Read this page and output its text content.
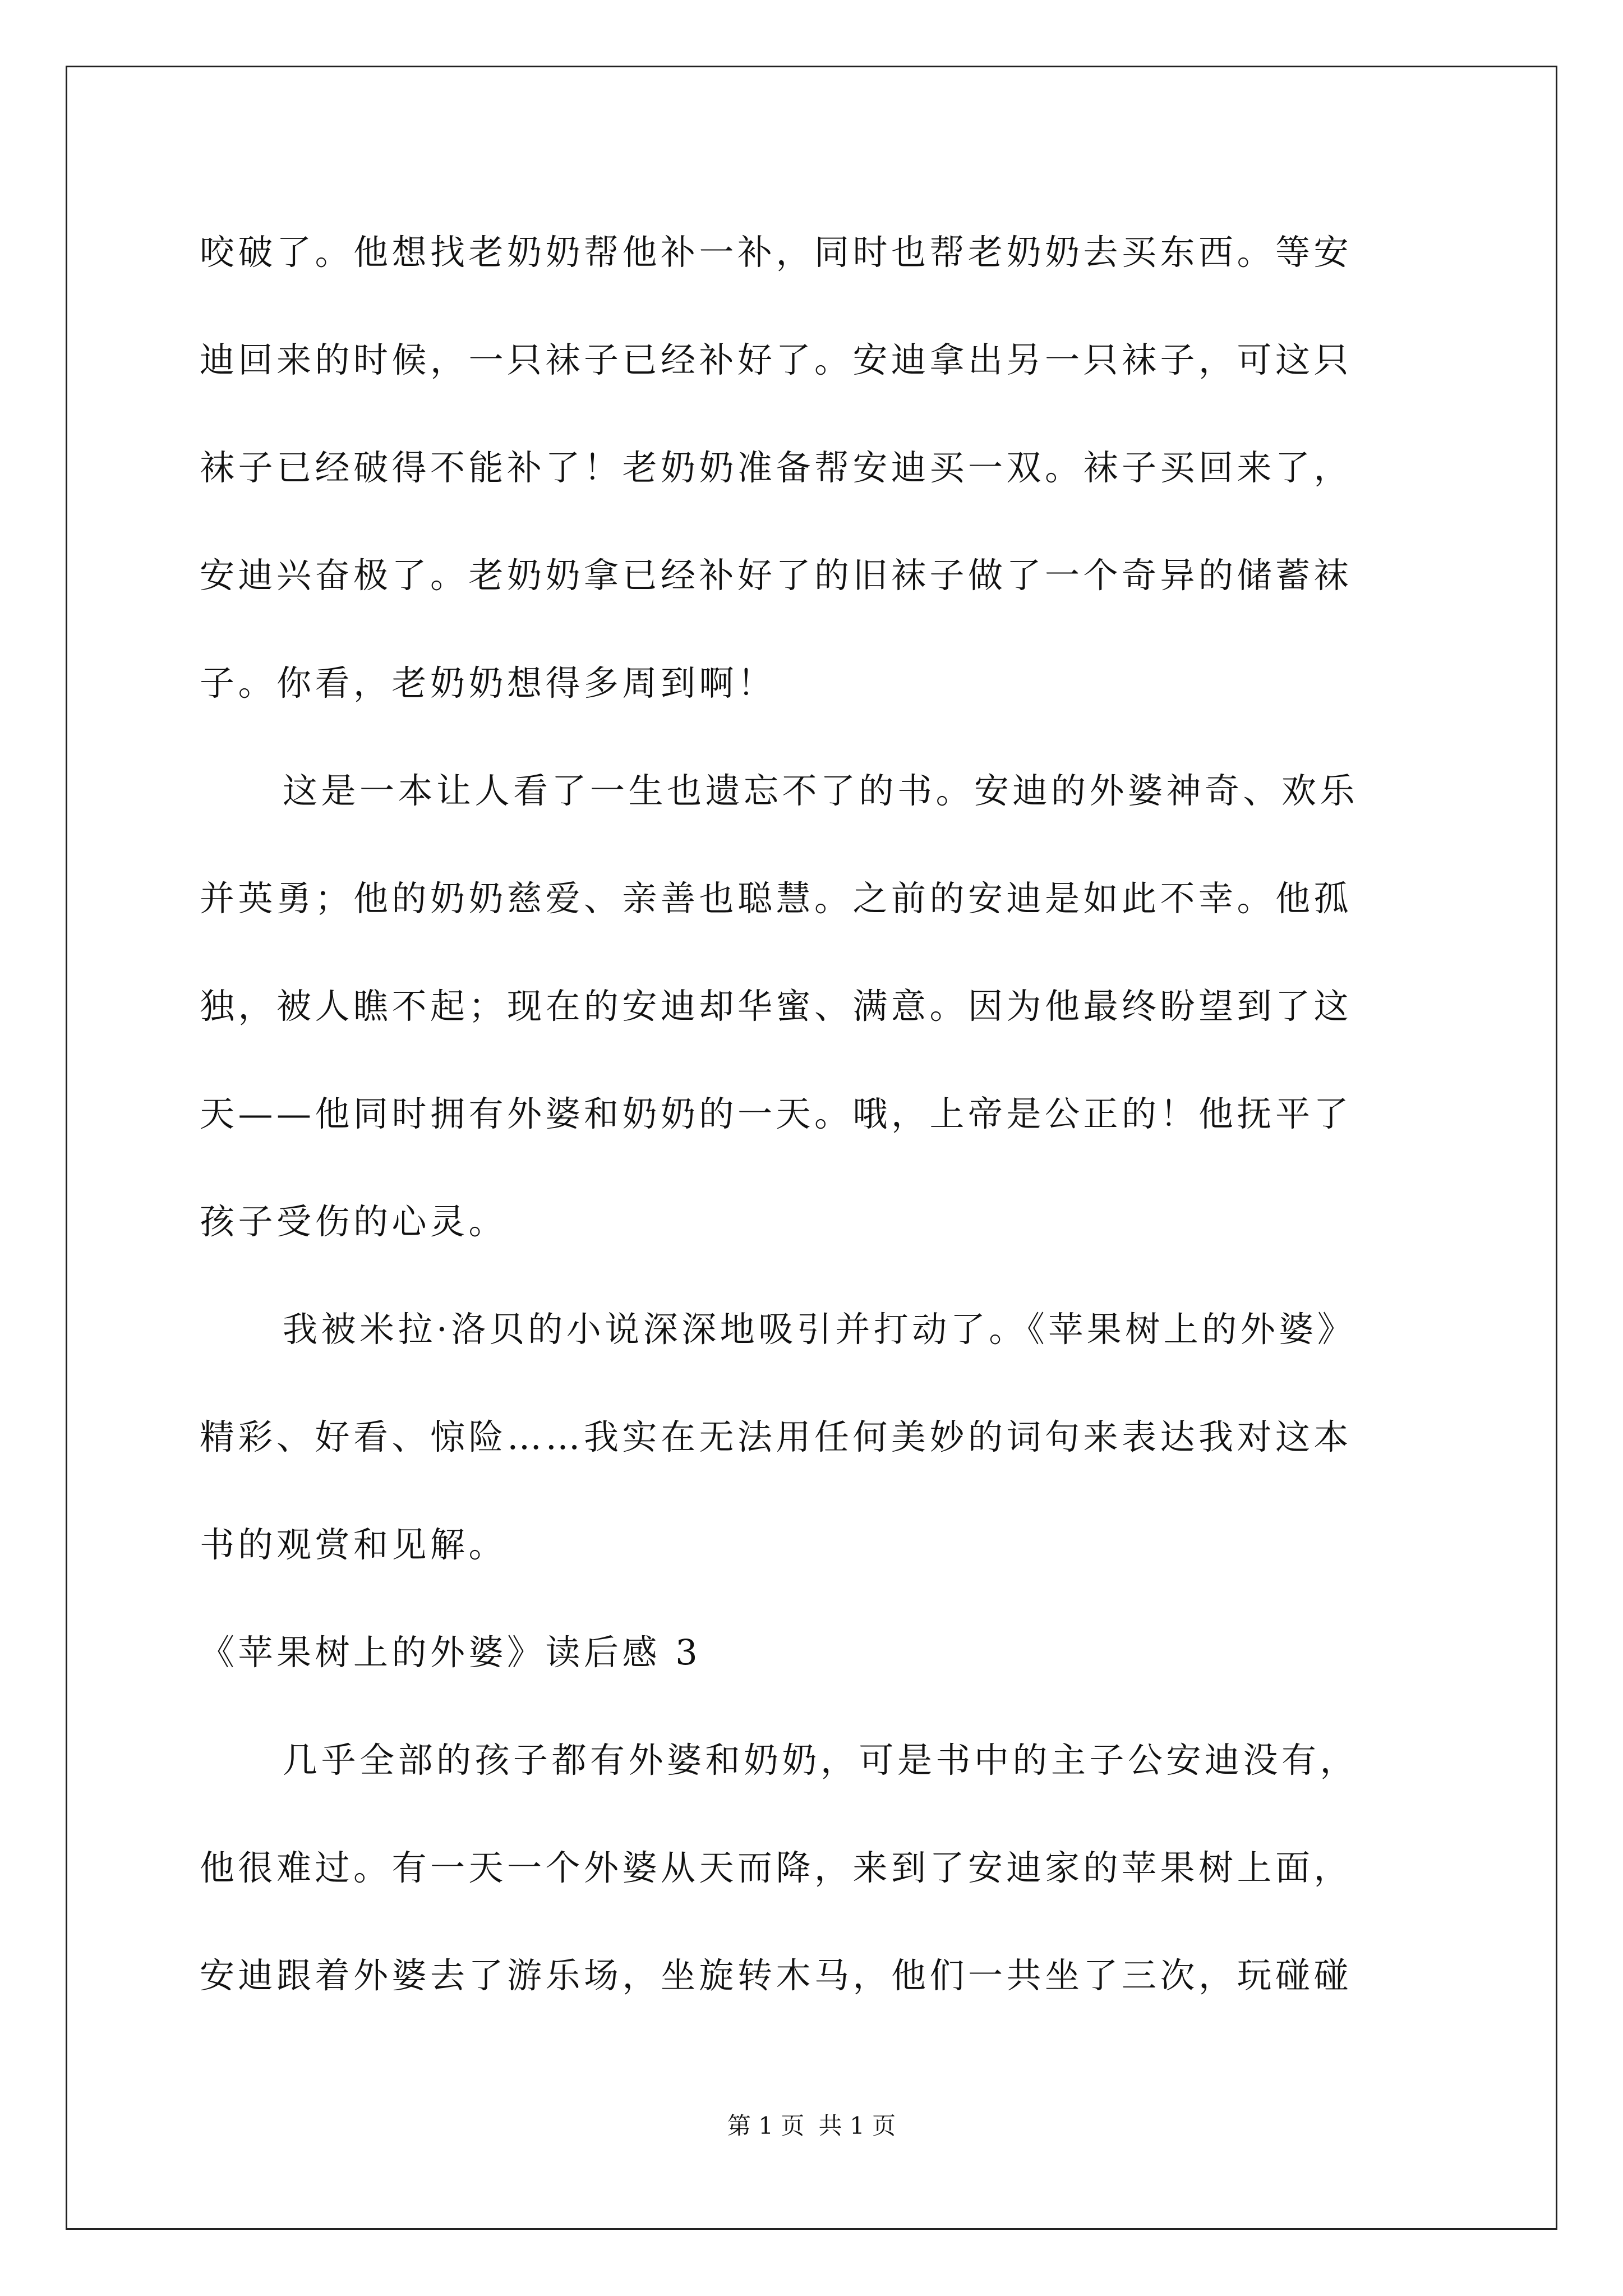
咬破了。他想找老奶奶帮他补一补，同时也帮老奶奶去买东西。等安
迪回来的时候，一只袜子已经补好了。安迪拿出另一只袜子，可这只
袜子已经破得不能补了！老奶奶准备帮安迪买一双。袜子买回来了，
安迪兴奋极了。老奶奶拿已经补好了的旧袜子做了一个奇异的储蓄袜
子。你看，老奶奶想得多周到啊！
这是一本让人看了一生也遗忘不了的书。安迪的外婆神奇、欢乐
并英勇；他的奶奶慈爱、亲善也聪慧。之前的安迪是如此不幸。他孤
独，被人瞧不起；现在的安迪却华蜜、满意。因为他最终盼望到了这
天——他同时拥有外婆和奶奶的一天。哦，上帝是公正的！他抚平了
孩子受伤的心灵。
我被米拉·洛贝的小说深深地吸引并打动了。《苹果树上的外婆》
精彩、好看、惊险……我实在无法用任何美妙的词句来表达我对这本
书的观赏和见解。
《苹果树上的外婆》读后感 3
几乎全部的孩子都有外婆和奶奶，可是书中的主子公安迪没有，
他很难过。有一天一个外婆从天而降，来到了安迪家的苹果树上面，
安迪跟着外婆去了游乐场，坐旋转木马，他们一共坐了三次，玩碰碰
第 1 页 共 1 页
